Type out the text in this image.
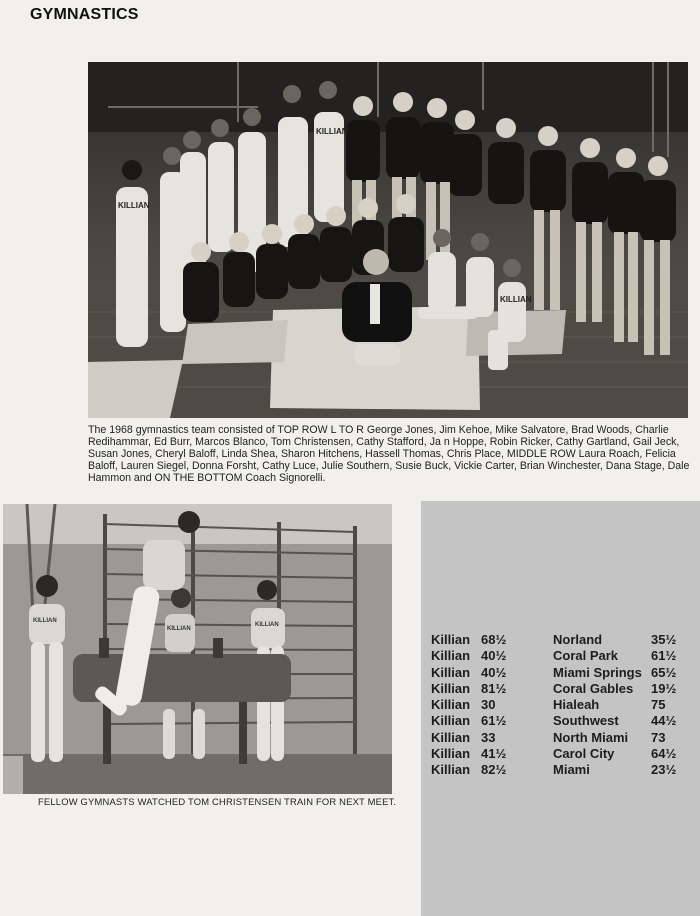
GYMNASTICS
KILLIAN
KILLIAN
KILLIAN
The 1968 gymnastics team consisted of TOP ROW L TO R George Jones, Jim Kehoe, Mike Salvatore, Brad Woods, Charlie Redihammar, Ed Burr, Marcos Blanco, Tom Christensen, Cathy Stafford, Ja n Hoppe, Robin Ricker, Cathy Gartland, Gail Jeck, Susan Jones, Cheryl Baloff, Linda Shea, Sharon Hitchens, Hassell Thomas, Chris Place, MIDDLE ROW Laura Roach, Felicia Baloff, Lauren Siegel, Donna Forsht, Cathy Luce, Julie Southern, Susie Buck, Vickie Carter, Brian Winchester, Dana Stage, Dale Hammon and ON THE BOTTOM Coach Signorelli.
KILLIAN
KILLIAN
KILLIAN
FELLOW GYMNASTS WATCHED TOM CHRISTENSEN TRAIN FOR NEXT MEET.
Killian 68½	Norland	35½
Killian 40½	Coral Park	61½
Killian 40½	Miami Springs 65½
Killian 81½	Coral Gables 19½
Killian 30	Hialeah	75
Killian 61½	Southwest 44½
Killian 33	North Miami 73
Killian 41½	Carol City	64½
Killian 82½	Miami	23½
